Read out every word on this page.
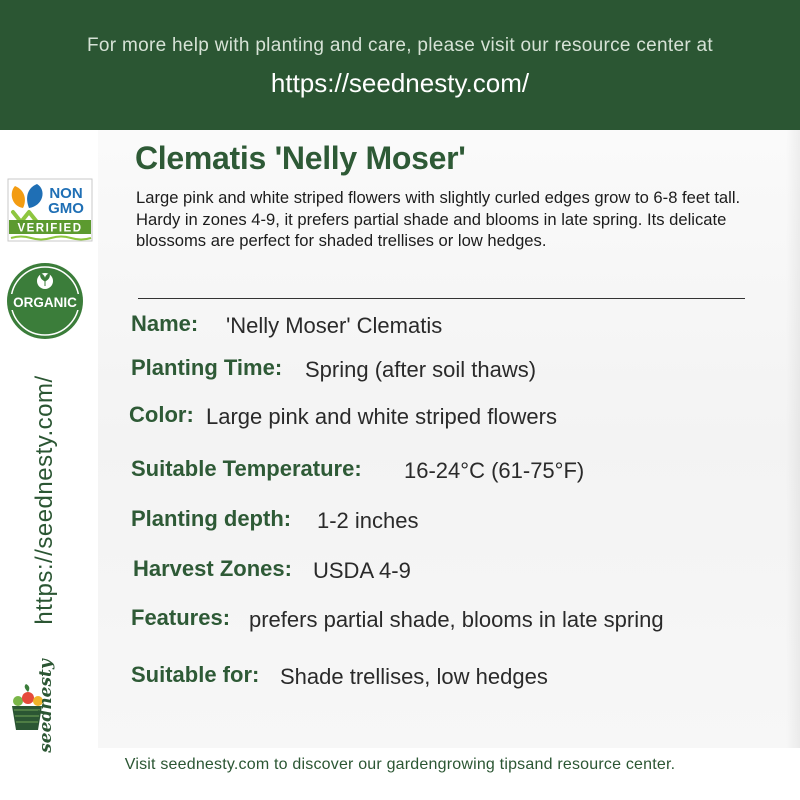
For more help with planting and care, please visit our resource center at
https://seednesty.com/
NON
GMO
VERIFIED
ORGANIC
https://seednesty.com/
seednesty
Clematis 'Nelly Moser'
Large pink and white striped flowers with slightly curled edges grow to 6-8 feet tall. Hardy in zones 4-9, it prefers partial shade and blooms in late spring. Its delicate blossoms are perfect for shaded trellises or low hedges.
Name: 'Nelly Moser' Clematis
Planting Time: Spring (after soil thaws)
Color: Large pink and white striped flowers
Suitable Temperature: 16-24°C (61-75°F)
Planting depth: 1-2 inches
Harvest Zones: USDA 4-9
Features: prefers partial shade, blooms in late spring
Suitable for: Shade trellises, low hedges
Visit seednesty.com to discover our gardengrowing tipsand resource center.
